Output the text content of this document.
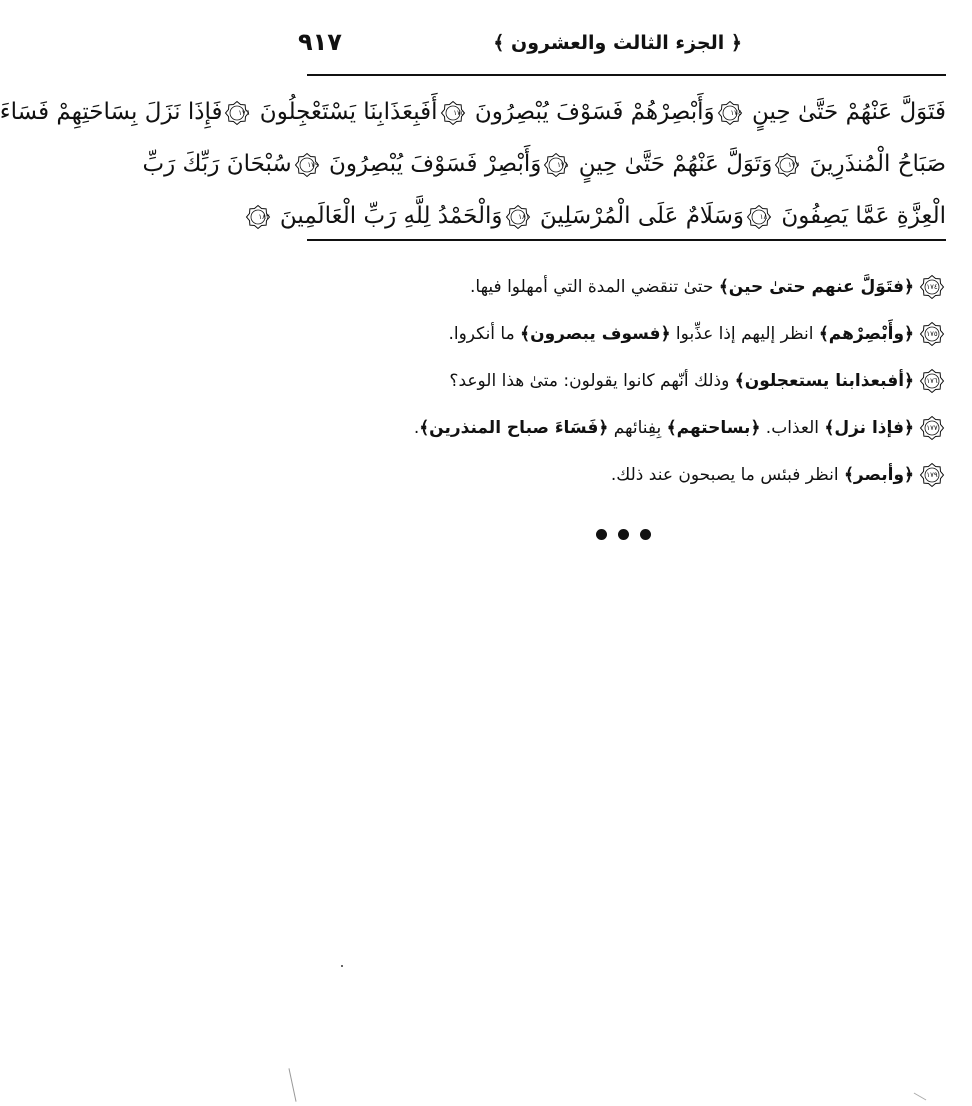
٩١٧	﴿ الجزء الثالث والعشرون ﴾
فَتَوَلَّ عَنْهُمْ حَتَّىٰ حِينٍ
١٧٤
وَأَبْصِرْهُمْ فَسَوْفَ يُبْصِرُونَ
١٧٥
أَفَبِعَذَابِنَا يَسْتَعْجِلُونَ
١٧٦
فَإِذَا نَزَلَ بِسَاحَتِهِمْ فَسَاءَ
صَبَاحُ الْمُنذَرِينَ
١٧٧
وَتَوَلَّ عَنْهُمْ حَتَّىٰ حِينٍ
١٧٨
وَأَبْصِرْ فَسَوْفَ يُبْصِرُونَ
١٧٩
سُبْحَانَ رَبِّكَ رَبِّ
الْعِزَّةِ عَمَّا يَصِفُونَ
١٨٠
وَسَلَامٌ عَلَى الْمُرْسَلِينَ
١٨١
وَالْحَمْدُ لِلَّهِ رَبِّ الْعَالَمِينَ
١٨٢
١٧٤
﴿فتَوَلَّ عنهم حتىٰ حين﴾ حتىٰ تنقضي المدة التي أمهلوا فيها.
١٧٥
﴿وأَبْصِرْهم﴾ انظر إليهم إذا عذِّبوا ﴿فسوف يبصرون﴾ ما أنكروا.
١٧٦
﴿أفبعذابنا يستعجلون﴾ وذلك أنّهم كانوا يقولون: متىٰ هذا الوعد؟
١٧٧
﴿فإذا نزل﴾ العذاب. ﴿بساحتهم﴾ بِفِنائهم ﴿فَسَاءَ صباح المنذرين﴾.
١٧٩
﴿وأبصر﴾ انظر فبئس ما يصبحون عند ذلك.
